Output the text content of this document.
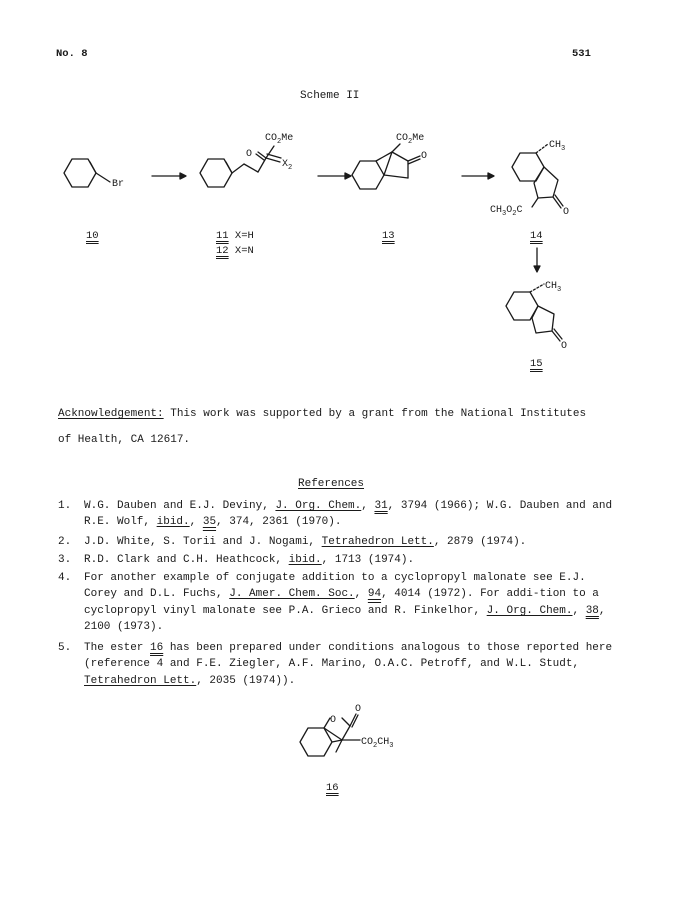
No. 8	531
Scheme II
Br
$CO_2Me$
O
$X_2$
$CO_2Me$
O
$CH_3$
$CH_3O_2C$	O
$CH_3$
O
10	11 X=H
12 X=N
13	14
15
Acknowledgement: This work was supported by a grant from the National Institutes
of Health, CA 12617.
References
1. W.G. Dauben and E.J. Deviny, J. Org. Chem., 31, 3794 (1966); W.G. Dauben and and R.E. Wolf, ibid., 35, 374, 2361 (1970).
2. J.D. White, S. Torii and J. Nogami, Tetrahedron Lett., 2879 (1974).
3. R.D. Clark and C.H. Heathcock, ibid., 1713 (1974).
4. For another example of conjugate addition to a cyclopropyl malonate see E.J. Corey and D.L. Fuchs, J. Amer. Chem. Soc., 94, 4014 (1972). For addi-tion to a cyclopropyl vinyl malonate see P.A. Grieco and R. Finkelhor, J. Org. Chem., 38, 2100 (1973).
5. The ester 16 has been prepared under conditions analogous to those reported here (reference 4 and F.E. Ziegler, A.F. Marino, O.A.C. Petroff, and W.L. Studt, Tetrahedron Lett., 2035 (1974)).
O
O
$CO_2CH_3$
16
